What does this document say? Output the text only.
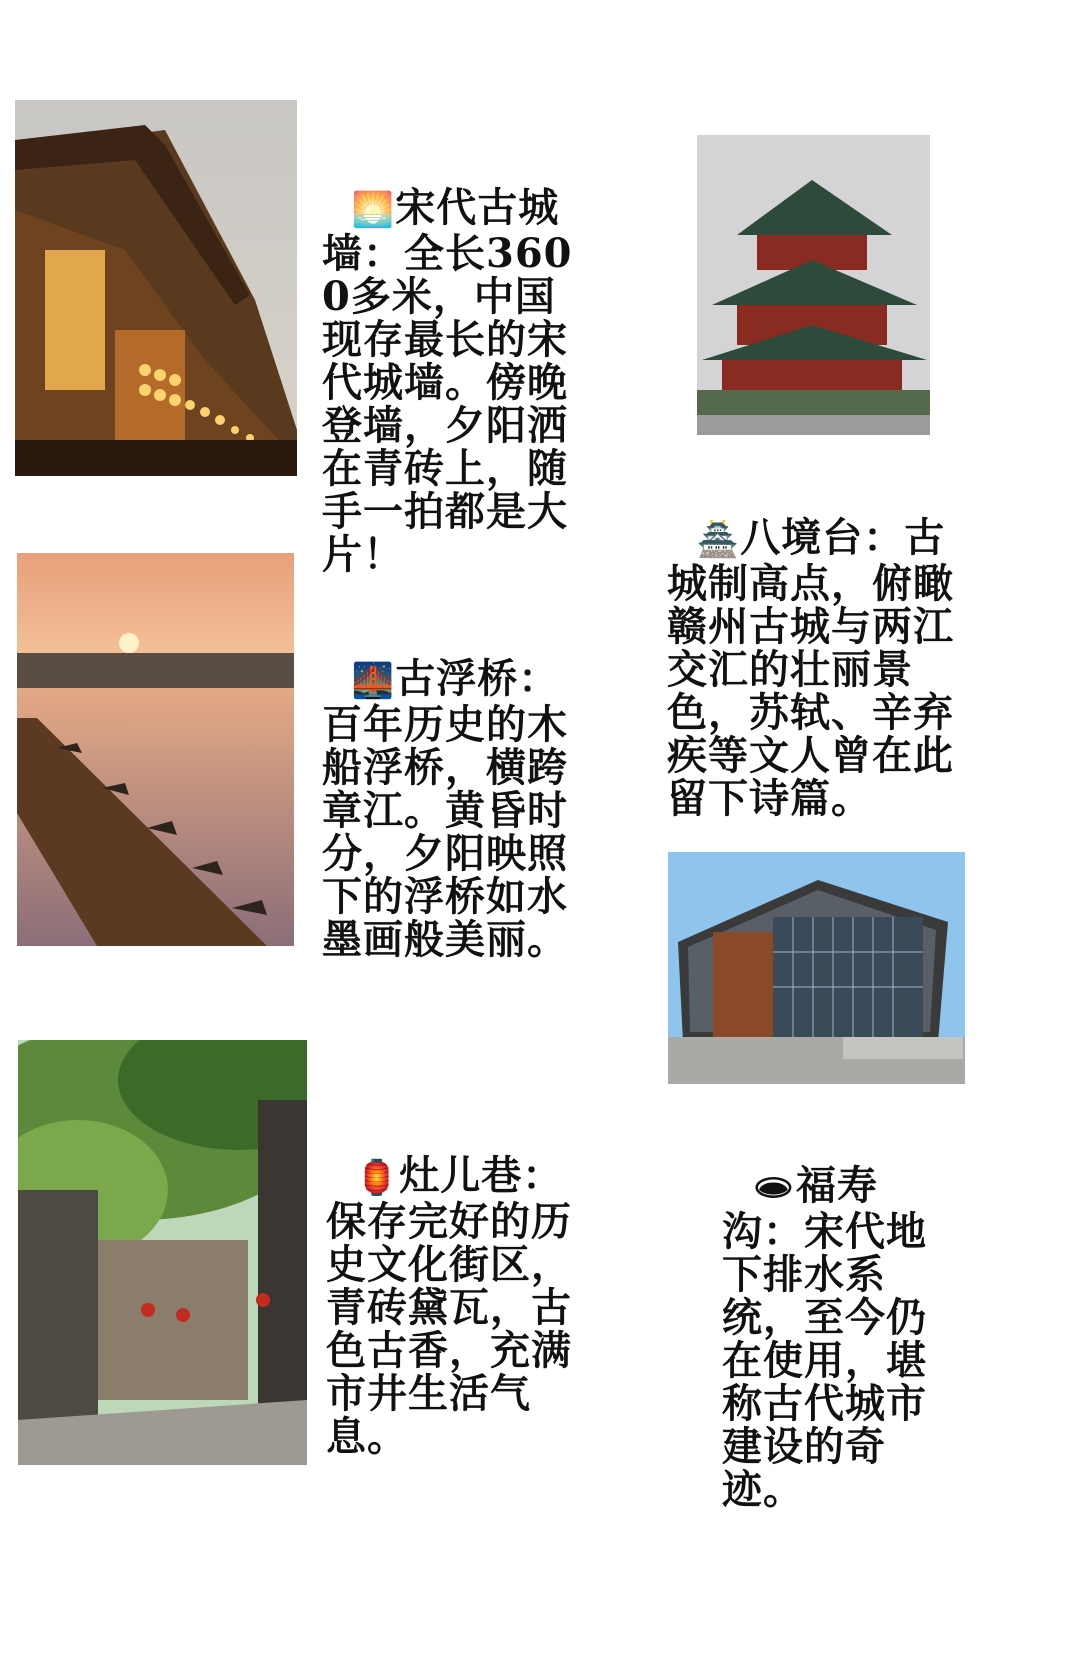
🌅宋代古城墙：全长3600多米，中国现存最长的宋代城墙。傍晚登墙，夕阳洒在青砖上，随手一拍都是大片！	🏯八境台：古城制高点，俯瞰赣州古城与两江交汇的壮丽景色，苏轼、辛弃疾等文人曾在此留下诗篇。

🌉古浮桥：百年历史的木船浮桥，横跨章江。黄昏时分，夕阳映照下的浮桥如水墨画般美丽。

🏮灶儿巷：保存完好的历史文化街区，青砖黛瓦，古色古香，充满市井生活气息。

🕳福寿沟：宋代地下排水系统，至今仍在使用，堪称古代城市建设的奇迹。
